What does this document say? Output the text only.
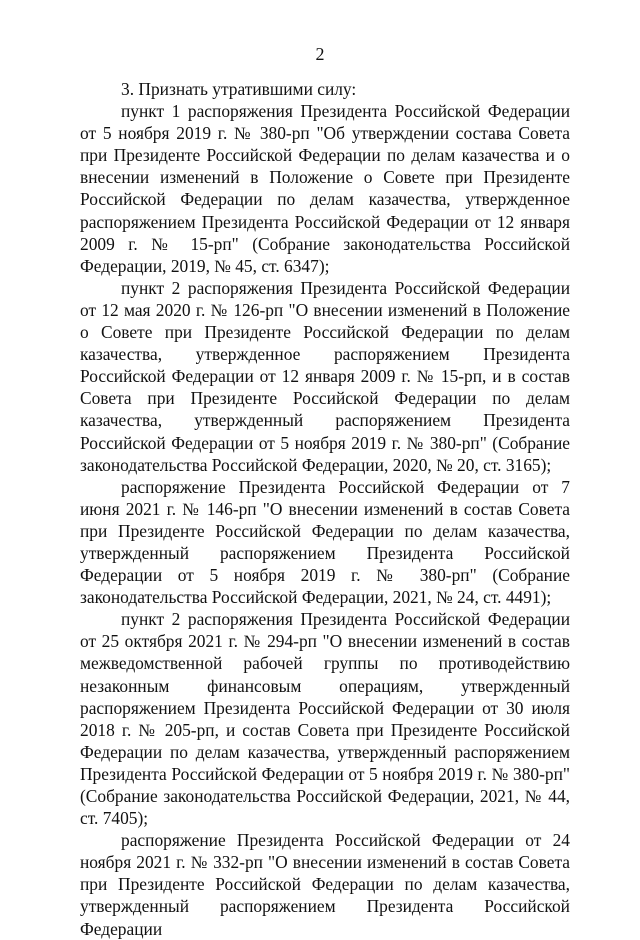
2

3. Признать утратившими силу:

пункт 1 распоряжения Президента Российской Федерации от 5 ноября 2019 г. № 380-рп "Об утверждении состава Совета при Президенте Российской Федерации по делам казачества и о внесении изменений в Положение о Совете при Президенте Российской Федерации по делам казачества, утвержденное распоряжением Президента Российской Федерации от 12 января 2009 г. № 15-рп" (Собрание законодательства Российской Федерации, 2019, № 45, ст. 6347);

пункт 2 распоряжения Президента Российской Федерации от 12 мая 2020 г. № 126-рп "О внесении изменений в Положение о Совете при Президенте Российской Федерации по делам казачества, утвержденное распоряжением Президента Российской Федерации от 12 января 2009 г. № 15-рп, и в состав Совета при Президенте Российской Федерации по делам казачества, утвержденный распоряжением Президента Российской Федерации от 5 ноября 2019 г. № 380-рп" (Собрание законодательства Российской Федерации, 2020, № 20, ст. 3165);

распоряжение Президента Российской Федерации от 7 июня 2021 г. № 146-рп "О внесении изменений в состав Совета при Президенте Российской Федерации по делам казачества, утвержденный распоряжением Президента Российской Федерации от 5 ноября 2019 г. № 380-рп" (Собрание законодательства Российской Федерации, 2021, № 24, ст. 4491);

пункт 2 распоряжения Президента Российской Федерации от 25 октября 2021 г. № 294-рп "О внесении изменений в состав межведомственной рабочей группы по противодействию незаконным финансовым операциям, утвержденный распоряжением Президента Российской Федерации от 30 июля 2018 г. № 205-рп, и состав Совета при Президенте Российской Федерации по делам казачества, утвержденный распоряжением Президента Российской Федерации от 5 ноября 2019 г. № 380-рп" (Собрание законодательства Российской Федерации, 2021, № 44, ст. 7405);

распоряжение Президента Российской Федерации от 24 ноября 2021 г. № 332-рп "О внесении изменений в состав Совета при Президенте Российской Федерации по делам казачества, утвержденный распоряжением Президента Российской Федерации
